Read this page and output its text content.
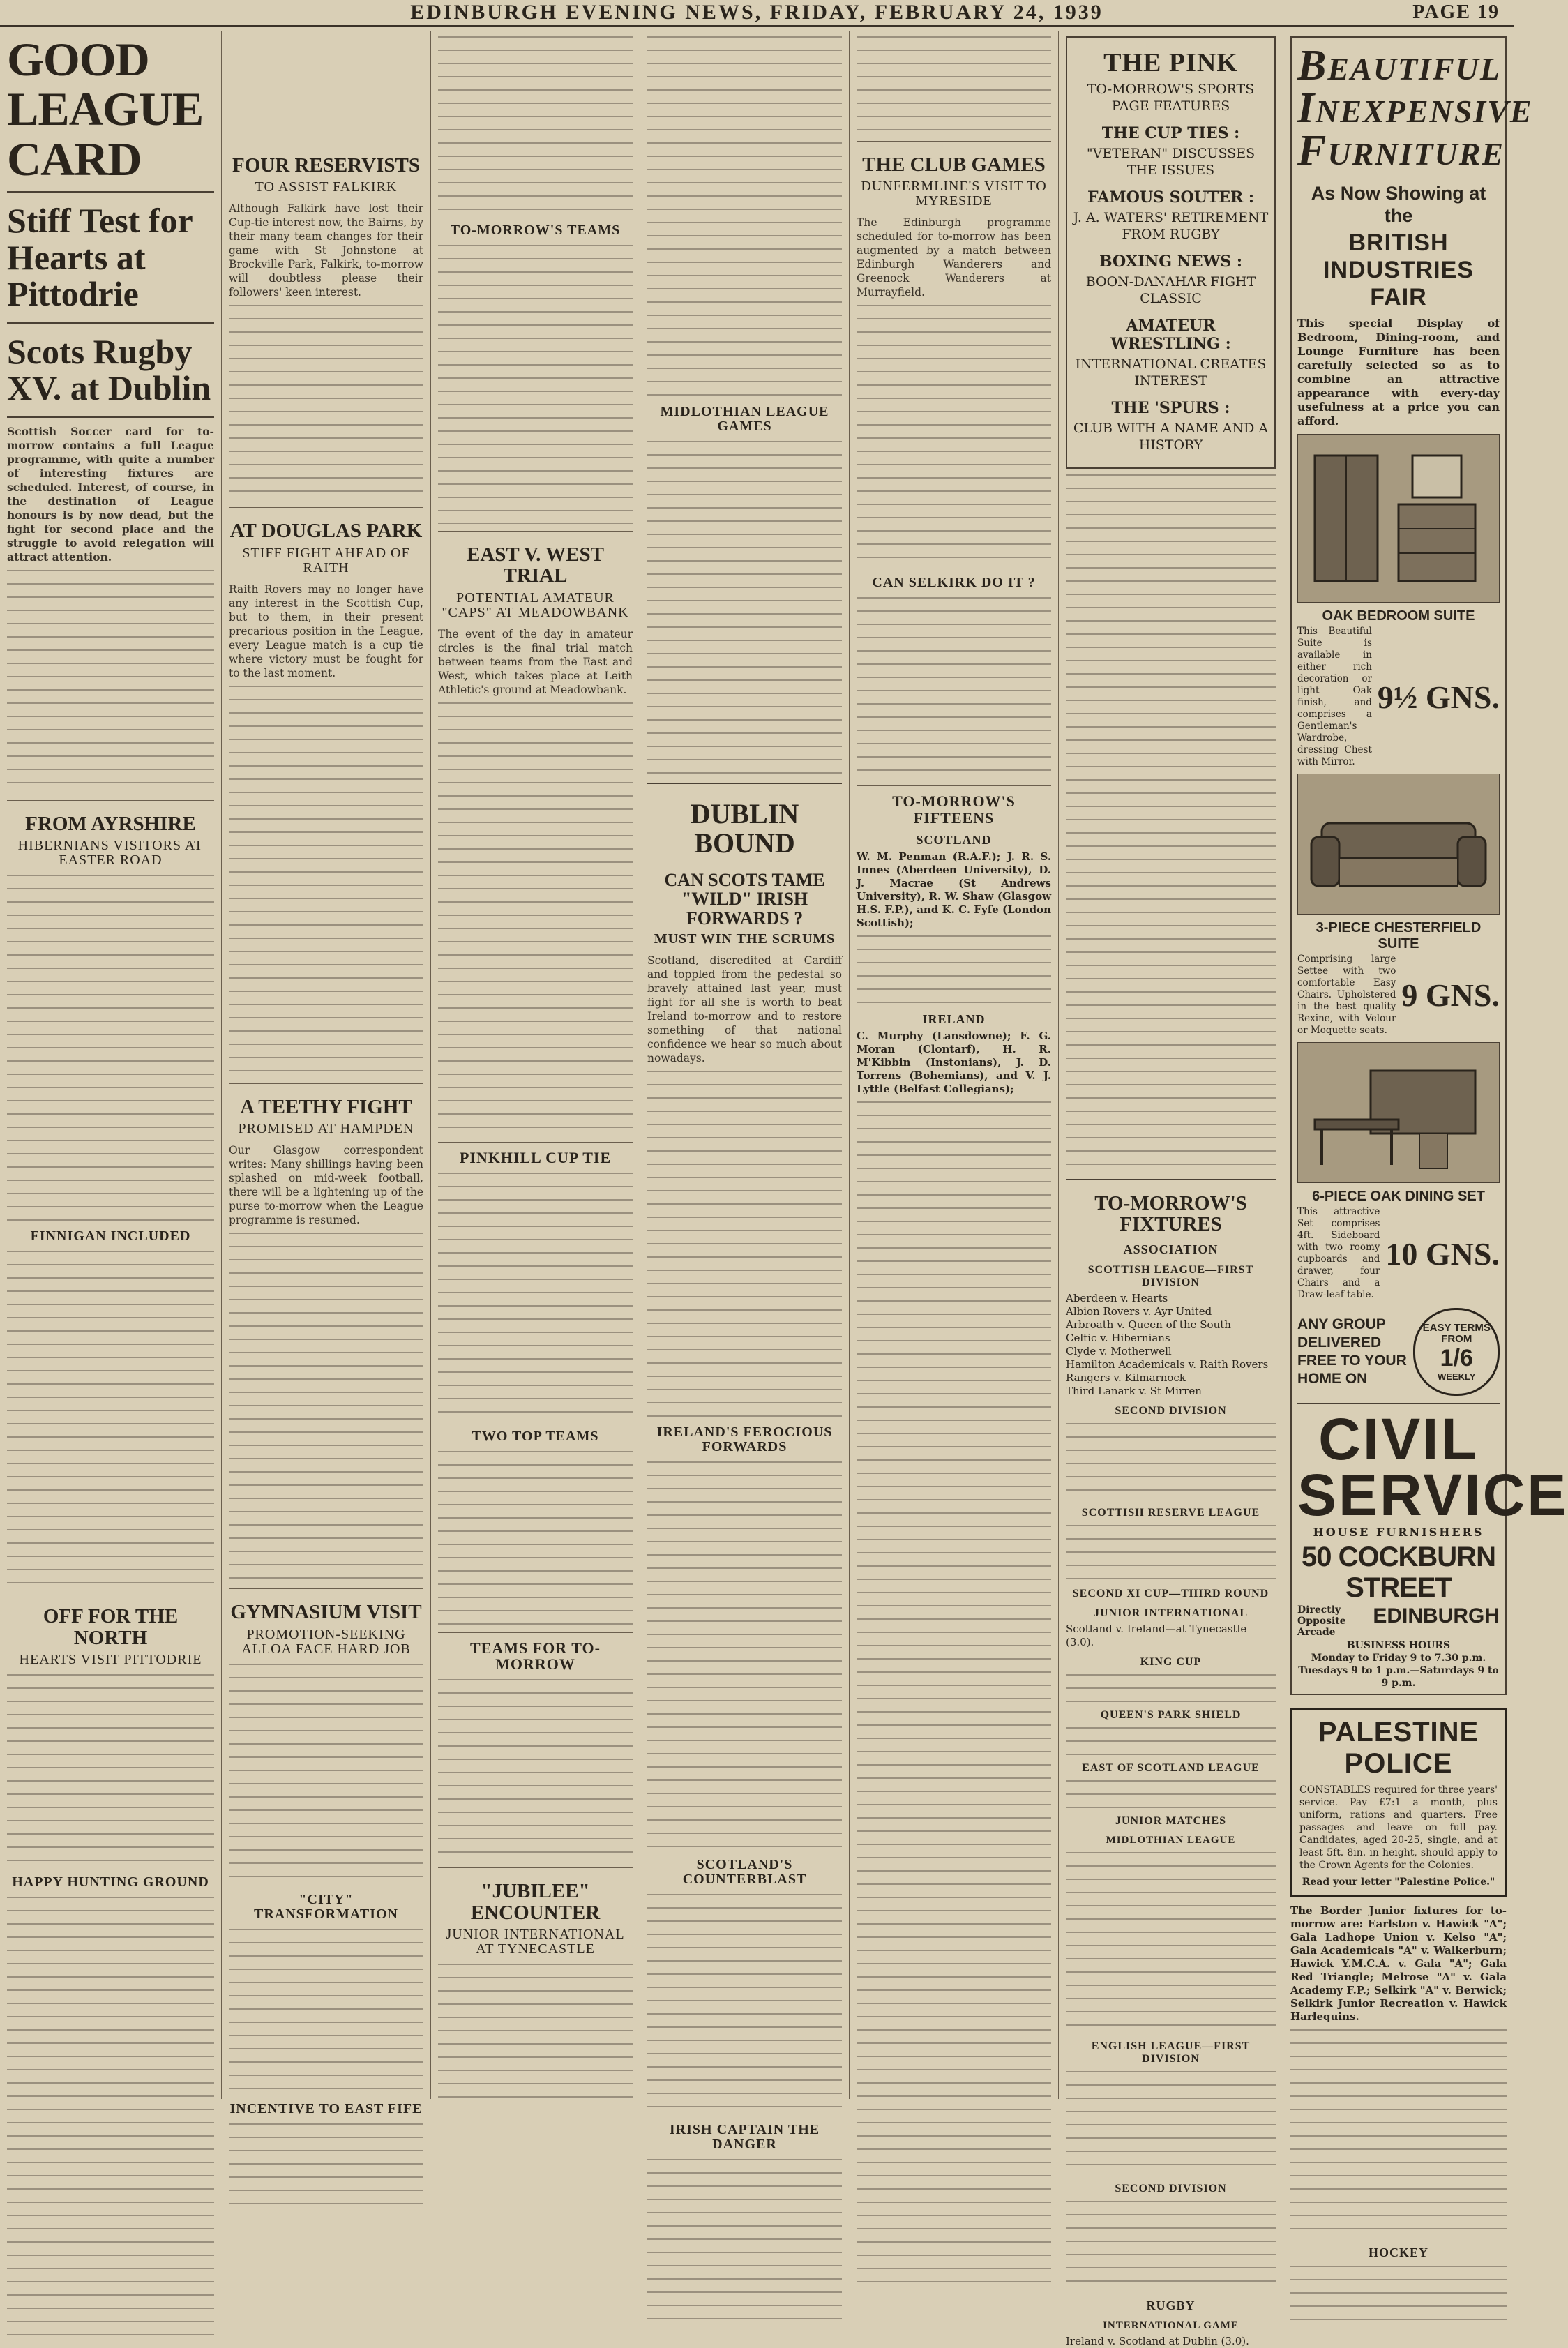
EDINBURGH EVENING NEWS, FRIDAY, FEBRUARY 24, 1939	PAGE 19
GOOD LEAGUE CARD
Stiff Test for Hearts at Pittodrie
Scots Rugby XV. at Dublin

Scottish Soccer card for to-morrow contains a full League programme, with quite a number of interesting fixtures are scheduled. Interest, of course, in the destination of League honours is by now dead, but the fight for second place and the struggle to avoid relegation will attract attention.

FROM AYRSHIRE
HIBERNIANS VISITORS AT EASTER ROAD
FINNIGAN INCLUDED
OFF FOR THE NORTH
HEARTS VISIT PITTODRIE
HAPPY HUNTING GROUND
FOUR RESERVISTS
TO ASSIST FALKIRK

Although Falkirk have lost their Cup-tie interest now, the Bairns, by their many team changes for their game with St Johnstone at Brockville Park, Falkirk, to-morrow will doubtless please their followers' keen interest.

AT DOUGLAS PARK
STIFF FIGHT AHEAD OF RAITH

Raith Rovers may no longer have any interest in the Scottish Cup, but to them, in their present precarious position in the League, every League match is a cup tie where victory must be fought for to the last moment.

A TEETHY FIGHT
PROMISED AT HAMPDEN

Our Glasgow correspondent writes: Many shillings having been splashed on mid-week football, there will be a lightening up of the purse to-morrow when the League programme is resumed.

GYMNASIUM VISIT
PROMOTION-SEEKING ALLOA FACE HARD JOB
"CITY" TRANSFORMATION
INCENTIVE TO EAST FIFE
TO-MORROW'S TEAMS
EAST V. WEST TRIAL
POTENTIAL AMATEUR "CAPS" AT MEADOWBANK

The event of the day in amateur circles is the final trial match between teams from the East and West, which takes place at Leith Athletic's ground at Meadowbank.

PINKHILL CUP TIE
TWO TOP TEAMS
TEAMS FOR TO-MORROW
"JUBILEE" ENCOUNTER
JUNIOR INTERNATIONAL AT TYNECASTLE
MIDLOTHIAN LEAGUE GAMES
DUBLIN BOUND
CAN SCOTS TAME "WILD" IRISH FORWARDS ?
MUST WIN THE SCRUMS

Scotland, discredited at Cardiff and toppled from the pedestal so bravely attained last year, must fight for all she is worth to beat Ireland to-morrow and to restore something of that national confidence we hear so much about nowadays.

IRELAND'S FEROCIOUS FORWARDS
SCOTLAND'S COUNTERBLAST
IRISH CAPTAIN THE DANGER
THE CLUB GAMES
DUNFERMLINE'S VISIT TO MYRESIDE

The Edinburgh programme scheduled for to-morrow has been augmented by a match between Edinburgh Wanderers and Greenock Wanderers at Murrayfield.

CAN SELKIRK DO IT ?
TO-MORROW'S FIFTEENS
SCOTLAND

W. M. Penman (R.A.F.); J. R. S. Innes (Aberdeen University), D. J. Macrae (St Andrews University), R. W. Shaw (Glasgow H.S. F.P.), and K. C. Fyfe (London Scottish);

IRELAND

C. Murphy (Lansdowne); F. G. Moran (Clontarf), H. R. M'Kibbin (Instonians), J. D. Torrens (Bohemians), and V. J. Lyttle (Belfast Collegians);

THE PINK
TO-MORROW'S SPORTS PAGE FEATURES
THE CUP TIES :
"VETERAN" DISCUSSES THE ISSUES
FAMOUS SOUTER :
J. A. WATERS' RETIREMENT FROM RUGBY
BOXING NEWS :
BOON-DANAHAR FIGHT CLASSIC
AMATEUR WRESTLING :
INTERNATIONAL CREATES INTEREST
THE 'SPURS :
CLUB WITH A NAME AND A HISTORY
TO-MORROW'S FIXTURES
ASSOCIATION
SCOTTISH LEAGUE—FIRST DIVISION

Aberdeen v. Hearts

Albion Rovers v. Ayr United

Arbroath v. Queen of the South

Celtic v. Hibernians

Clyde v. Motherwell

Hamilton Academicals v. Raith Rovers

Rangers v. Kilmarnock

Third Lanark v. St Mirren

SECOND DIVISION
SCOTTISH RESERVE LEAGUE
SECOND XI CUP—THIRD ROUND
JUNIOR INTERNATIONAL

Scotland v. Ireland—at Tynecastle (3.0).

KING CUP
QUEEN'S PARK SHIELD
EAST OF SCOTLAND LEAGUE
JUNIOR MATCHES
MIDLOTHIAN LEAGUE
ENGLISH LEAGUE—FIRST DIVISION
SECOND DIVISION
RUGBY
INTERNATIONAL GAME

Ireland v. Scotland at Dublin (3.0).

BEAUTIFUL
INEXPENSIVE
FURNITURE
As Now Showing at the
BRITISH INDUSTRIES FAIR

This special Display of Bedroom, Dining-room, and Lounge Furniture has been carefully selected so as to combine an attractive appearance with every-day usefulness at a price you can afford.

OAK BEDROOM SUITE
This Beautiful Suite is available in either rich decoration or light Oak finish, and comprises a Gentleman's Wardrobe, dressing Chest with Mirror.
9½ GNS.
3-PIECE CHESTERFIELD SUITE
Comprising large Settee with two comfortable Easy Chairs. Upholstered in the best quality Rexine, with Velour or Moquette seats.
9 GNS.
6-PIECE OAK DINING SET
This attractive Set comprises 4ft. Sideboard with two roomy cupboards and drawer, four Chairs and a Draw-leaf table.
10 GNS.
ANY GROUP DELIVERED FREE TO YOUR HOME ON
EASY TERMS
FROM
1/6
WEEKLY
CIVIL
SERVICE
HOUSE FURNISHERS
50 COCKBURN STREET
Directly Opposite Arcade
EDINBURGH
BUSINESS HOURS
Monday to Friday 9 to 7.30 p.m. Tuesdays 9 to 1 p.m.—Saturdays 9 to 9 p.m.
PALESTINE POLICE
CONSTABLES required for three years' service. Pay £7:1 a month, plus uniform, rations and quarters. Free passages and leave on full pay. Candidates, aged 20-25, single, and at least 5ft. 8in. in height, should apply to the Crown Agents for the Colonies.
Read your letter "Palestine Police."

The Border Junior fixtures for to-morrow are: Earlston v. Hawick "A"; Gala Ladhope Union v. Kelso "A"; Gala Academicals "A" v. Walkerburn; Hawick Y.M.C.A. v. Gala "A"; Gala Red Triangle; Melrose "A" v. Gala Academy F.P.; Selkirk "A" v. Berwick; Selkirk Junior Recreation v. Hawick Harlequins.

HOCKEY
